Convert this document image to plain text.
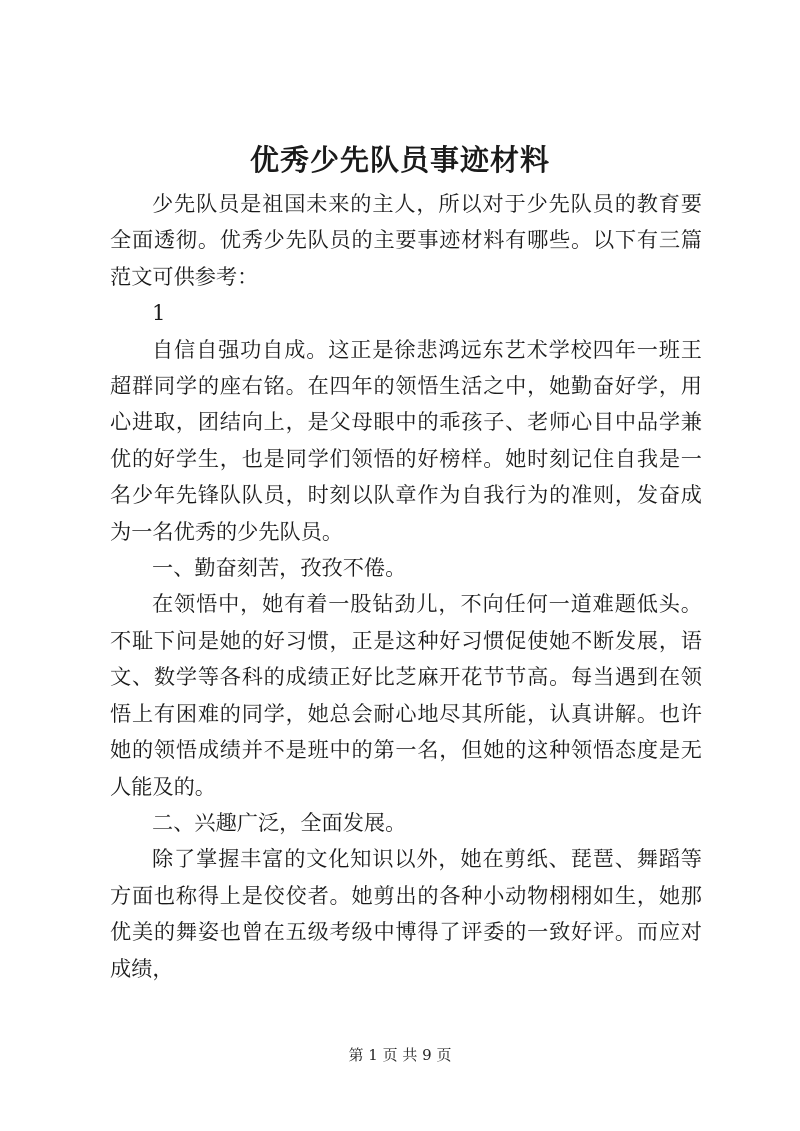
优秀少先队员事迹材料

少先队员是祖国未来的主人，所以对于少先队员的教育要全面透彻。优秀少先队员的主要事迹材料有哪些。以下有三篇范文可供参考：

1

自信自强功自成。这正是徐悲鸿远东艺术学校四年一班王超群同学的座右铭。在四年的领悟生活之中，她勤奋好学，用心进取，团结向上，是父母眼中的乖孩子、老师心目中品学兼优的好学生，也是同学们领悟的好榜样。她时刻记住自我是一名少年先锋队队员，时刻以队章作为自我行为的准则，发奋成为一名优秀的少先队员。

一、勤奋刻苦，孜孜不倦。

在领悟中，她有着一股钻劲儿，不向任何一道难题低头。不耻下问是她的好习惯，正是这种好习惯促使她不断发展，语文、数学等各科的成绩正好比芝麻开花节节高。每当遇到在领悟上有困难的同学，她总会耐心地尽其所能，认真讲解。也许她的领悟成绩并不是班中的第一名，但她的这种领悟态度是无人能及的。

二、兴趣广泛，全面发展。

除了掌握丰富的文化知识以外，她在剪纸、琵琶、舞蹈等方面也称得上是佼佼者。她剪出的各种小动物栩栩如生，她那优美的舞姿也曾在五级考级中博得了评委的一致好评。而应对成绩，

第 1 页 共 9 页
